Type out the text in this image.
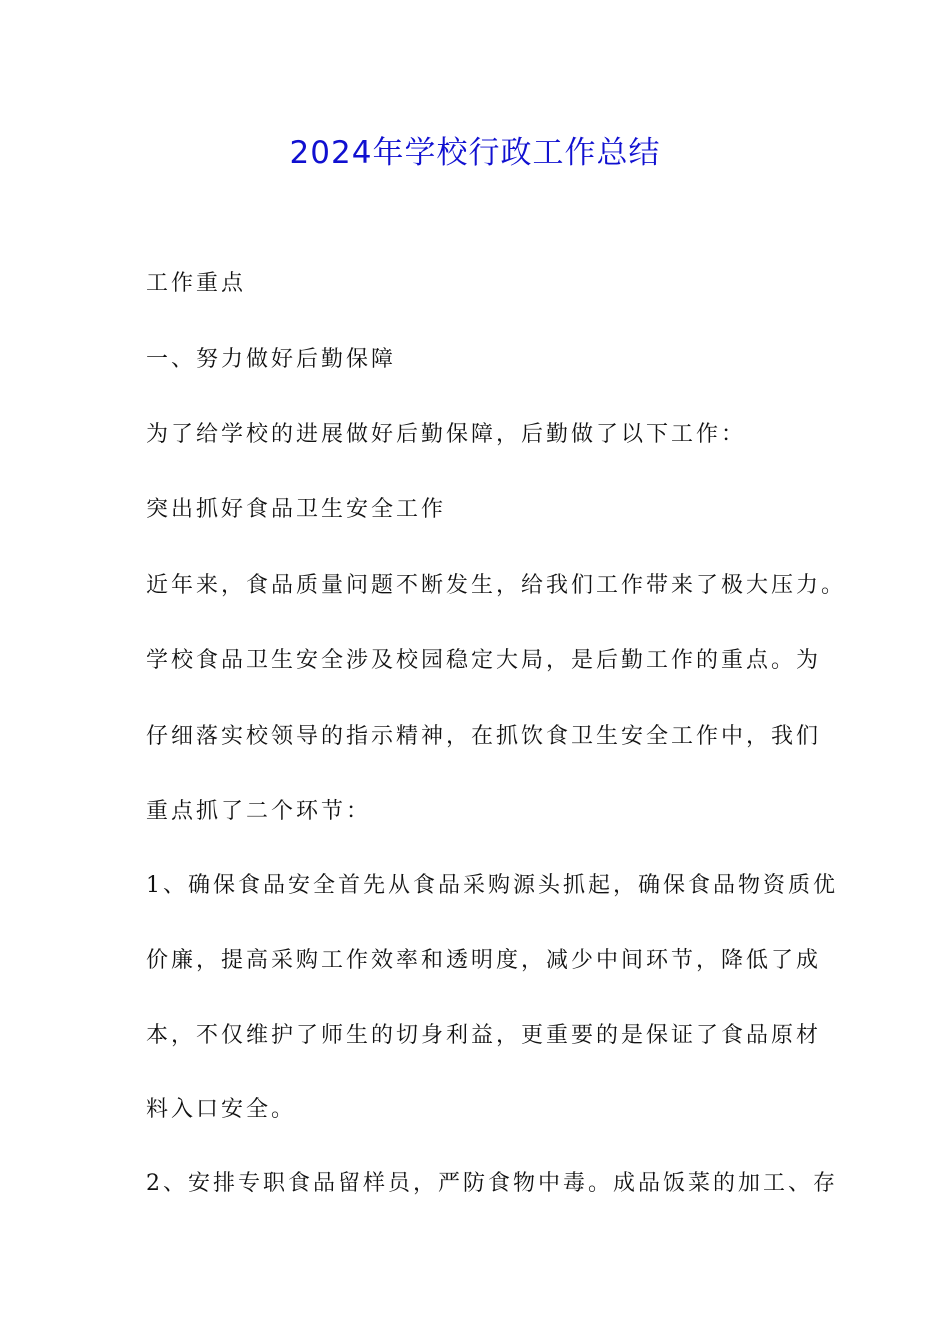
2024年学校行政工作总结

工作重点

一、努力做好后勤保障

为了给学校的进展做好后勤保障，后勤做了以下工作：

突出抓好食品卫生安全工作

近年来，食品质量问题不断发生，给我们工作带来了极大压力。

学校食品卫生安全涉及校园稳定大局，是后勤工作的重点。为

仔细落实校领导的指示精神，在抓饮食卫生安全工作中，我们

重点抓了二个环节：

1、确保食品安全首先从食品采购源头抓起，确保食品物资质优

价廉，提高采购工作效率和透明度，减少中间环节，降低了成

本，不仅维护了师生的切身利益，更重要的是保证了食品原材

料入口安全。

2、安排专职食品留样员，严防食物中毒。成品饭菜的加工、存
